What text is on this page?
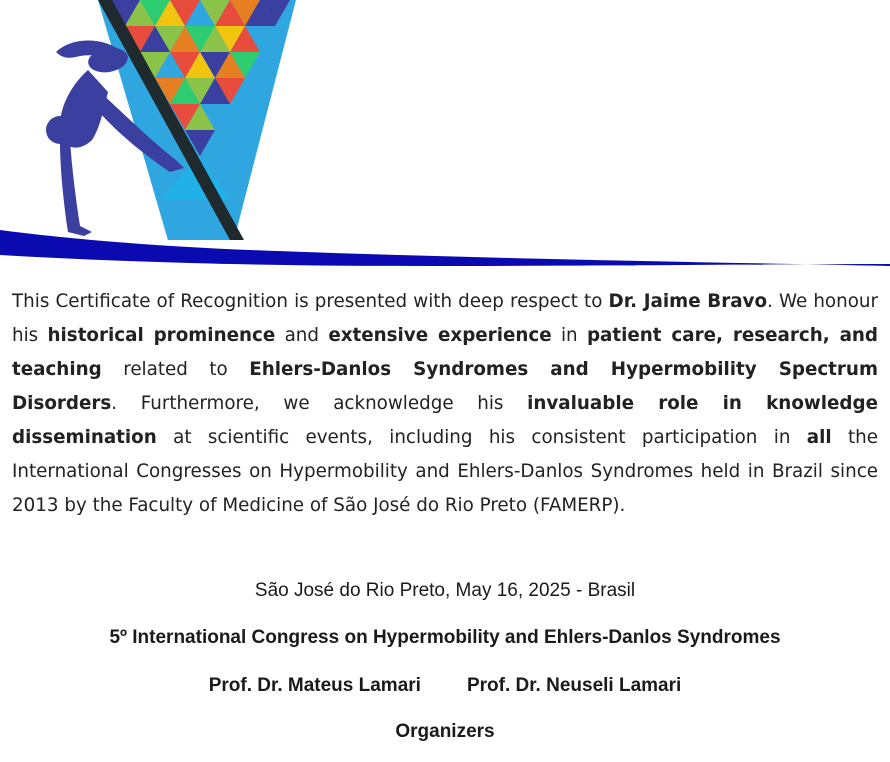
Certificate of Honor

This Certificate of Recognition is presented with deep respect to Dr. Jaime Bravo. We honour his historical prominence and extensive experience in patient care, research, and teaching related to Ehlers-Danlos Syndromes and Hypermobility Spectrum Disorders. Furthermore, we acknowledge his invaluable role in knowledge dissemination at scientific events, including his consistent participation in all the International Congresses on Hypermobility and Ehlers-Danlos Syndromes held in Brazil since 2013 by the Faculty of Medicine of São José do Rio Preto (FAMERP).

São José do Rio Preto, May 16, 2025 - Brasil

5º International Congress on Hypermobility and Ehlers-Danlos Syndromes

Prof. Dr. Mateus Lamari Prof. Dr. Neuseli Lamari

Organizers
